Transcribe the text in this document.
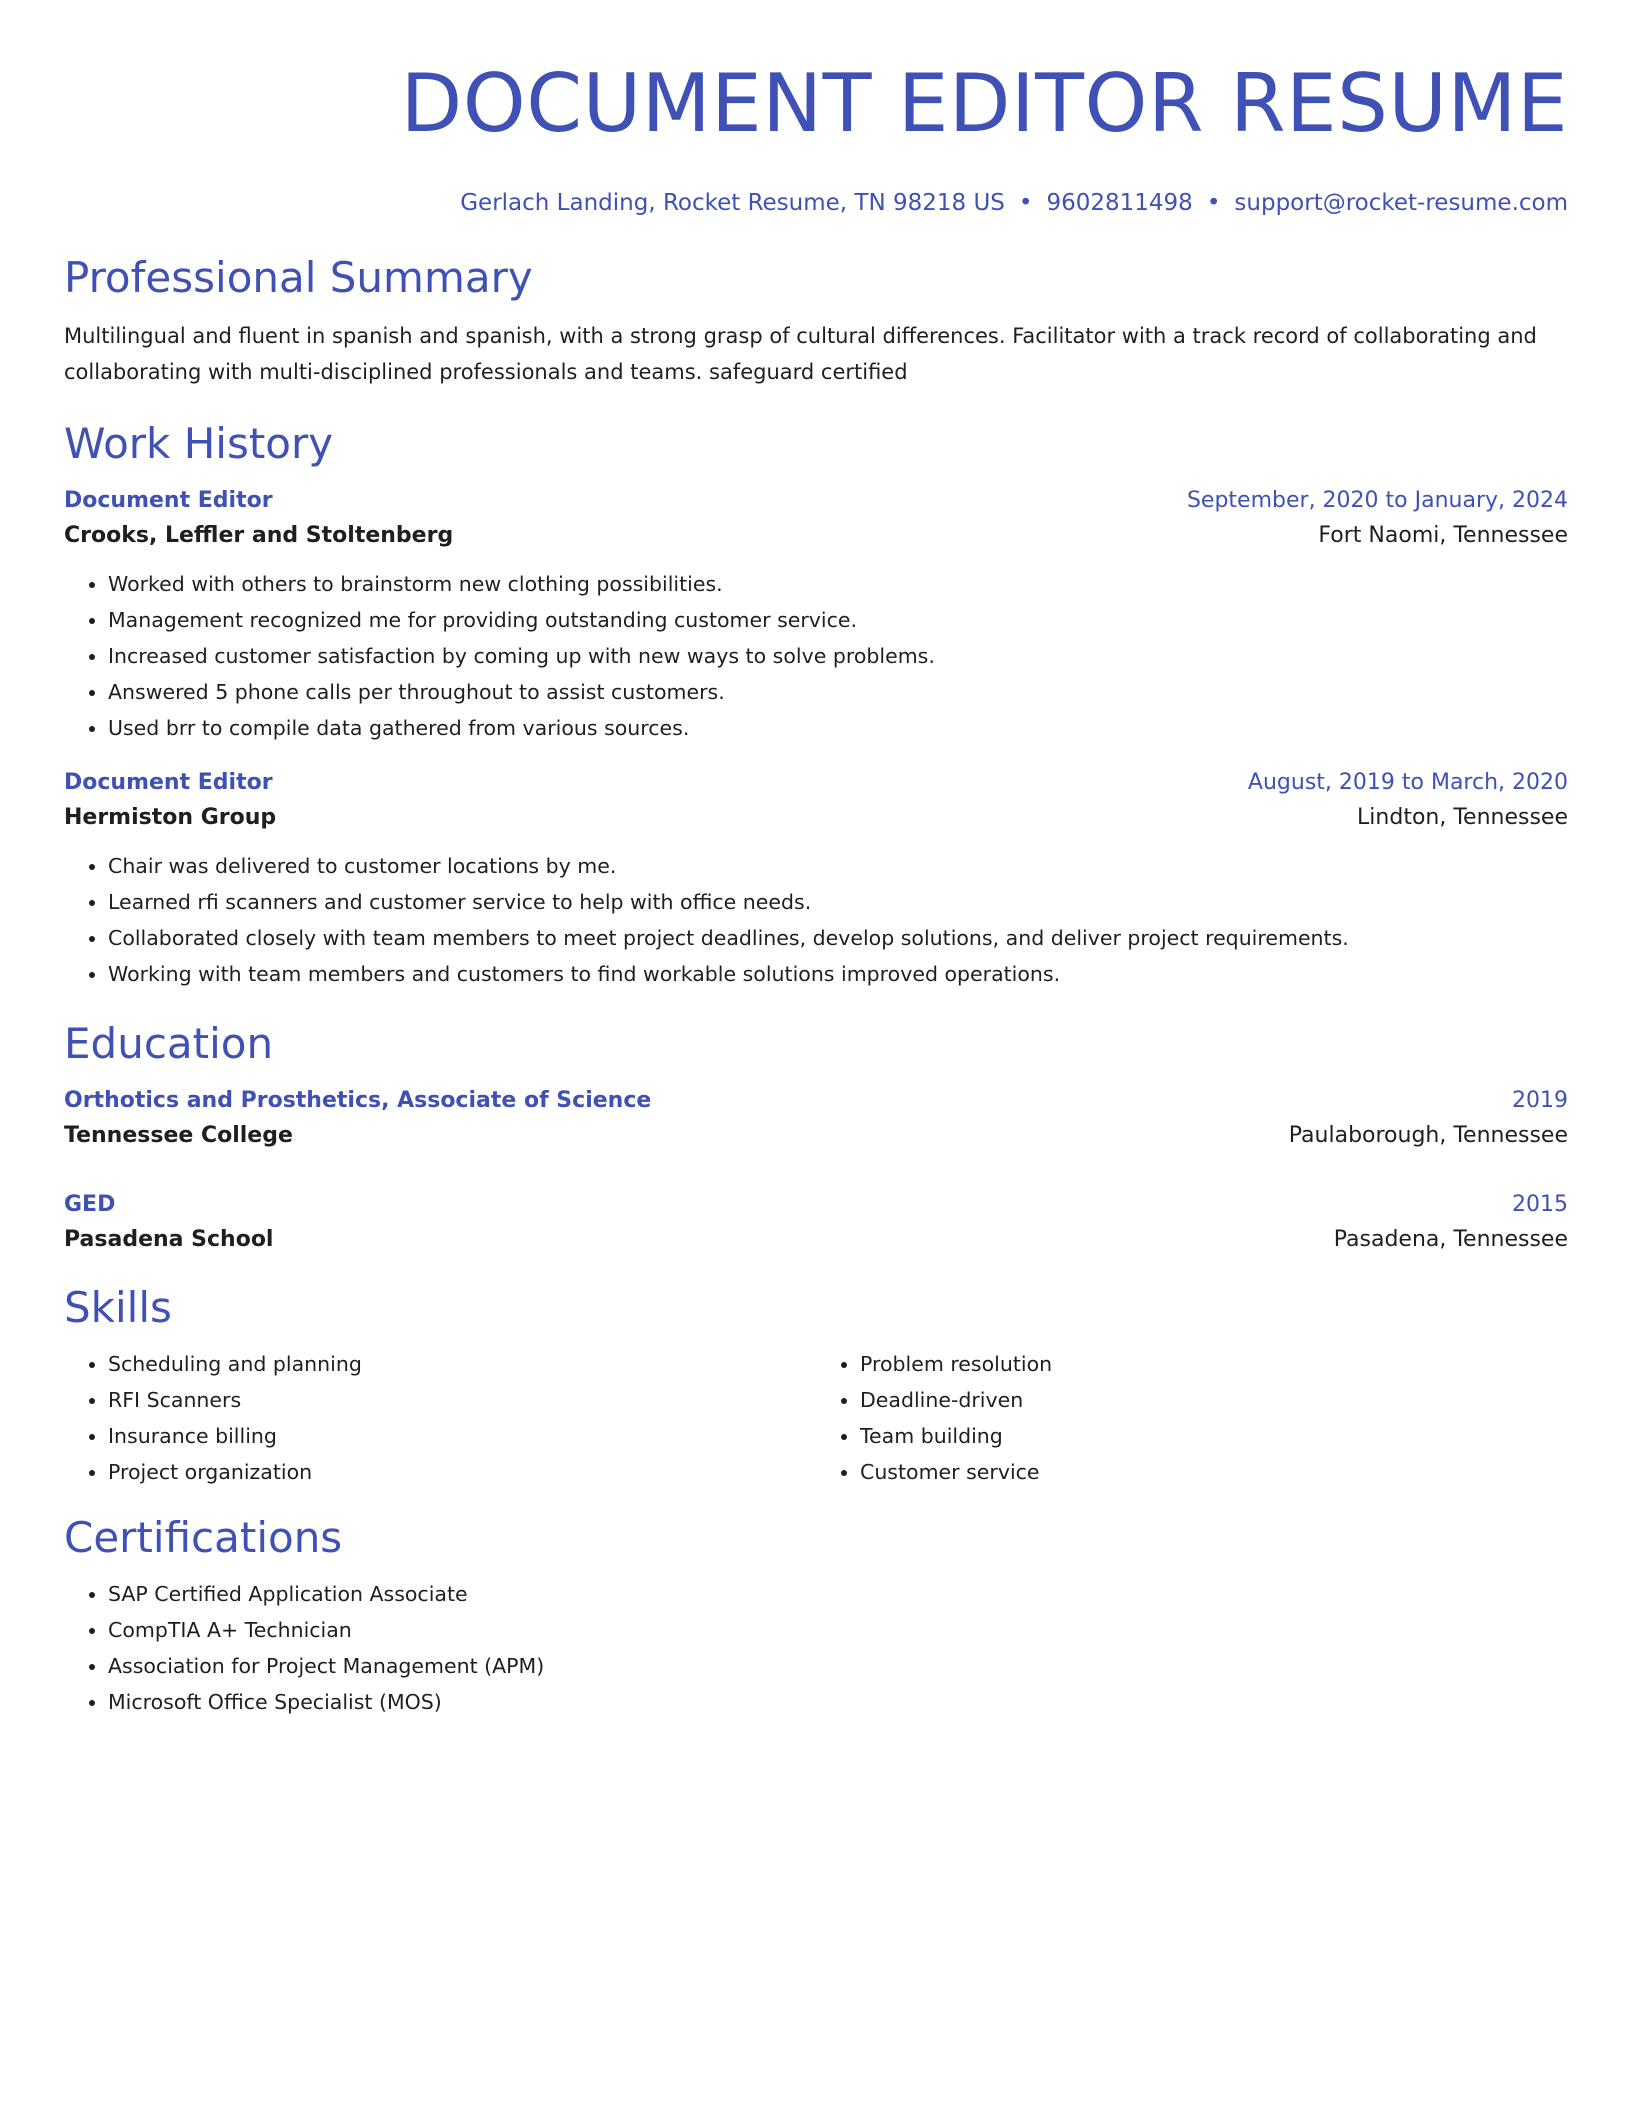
DOCUMENT EDITOR RESUME
Gerlach Landing, Rocket Resume, TN 98218 US • 9602811498 • support@rocket-resume.com
Professional Summary

Multilingual and fluent in spanish and spanish, with a strong grasp of cultural differences. Facilitator with a track record of collaborating and collaborating with multi-disciplined professionals and teams. safeguard certified

Work History
Document Editor	September, 2020 to January, 2024
Crooks, Leffler and Stoltenberg	Fort Naomi, Tennessee
• Worked with others to brainstorm new clothing possibilities.
• Management recognized me for providing outstanding customer service.
• Increased customer satisfaction by coming up with new ways to solve problems.
• Answered 5 phone calls per throughout to assist customers.
• Used brr to compile data gathered from various sources.
Document Editor	August, 2019 to March, 2020
Hermiston Group	Lindton, Tennessee
• Chair was delivered to customer locations by me.
• Learned rfi scanners and customer service to help with office needs.
• Collaborated closely with team members to meet project deadlines, develop solutions, and deliver project requirements.
• Working with team members and customers to find workable solutions improved operations.
Education
Orthotics and Prosthetics, Associate of Science	2019
Tennessee College	Paulaborough, Tennessee
GED	2015
Pasadena School	Pasadena, Tennessee
Skills
• Scheduling and planning
• RFI Scanners
• Insurance billing
• Project organization
• Problem resolution
• Deadline-driven
• Team building
• Customer service
Certifications
• SAP Certified Application Associate
• CompTIA A+ Technician
• Association for Project Management (APM)
• Microsoft Office Specialist (MOS)
